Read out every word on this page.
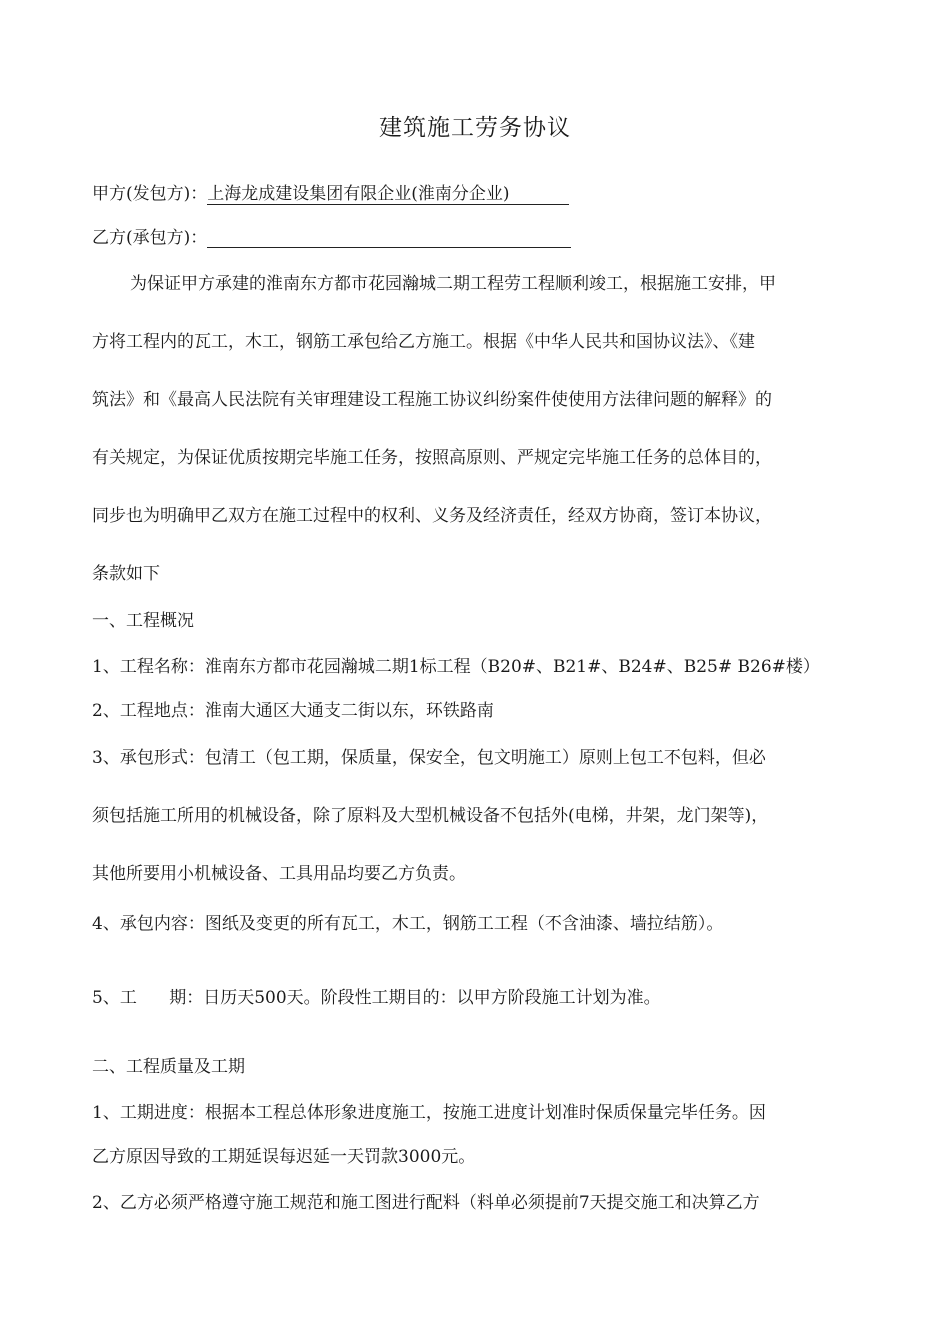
建筑施工劳务协议
甲方(发包方)：上海龙成建设集团有限企业(淮南分企业)
乙方(承包方)：
为保证甲方承建的淮南东方都市花园瀚城二期工程劳工程顺利竣工，根据施工安排，甲
方将工程内的瓦工，木工，钢筋工承包给乙方施工。根据《中华人民共和国协议法》、《建
筑法》和《最高人民法院有关审理建设工程施工协议纠纷案件使使用方法律问题的解释》的
有关规定，为保证优质按期完毕施工任务，按照高原则、严规定完毕施工任务的总体目的，
同步也为明确甲乙双方在施工过程中的权利、义务及经济责任，经双方协商，签订本协议，
条款如下
一、工程概况
1、工程名称：淮南东方都市花园瀚城二期1标工程（B20#、B21#、B24#、B25# B26#楼）
2、工程地点：淮南大通区大通支二街以东，环铁路南
3、承包形式：包清工（包工期，保质量，保安全，包文明施工）原则上包工不包料，但必
须包括施工所用的机械设备，除了原料及大型机械设备不包括外(电梯，井架，龙门架等)，
其他所要用小机械设备、工具用品均要乙方负责。
4、承包内容：图纸及变更的所有瓦工，木工，钢筋工工程（不含油漆、墙拉结筋）。
5、工      期：日历天500天。阶段性工期目的：以甲方阶段施工计划为准。
二、工程质量及工期
1、工期进度：根据本工程总体形象进度施工，按施工进度计划准时保质保量完毕任务。因
乙方原因导致的工期延误每迟延一天罚款3000元。
2、乙方必须严格遵守施工规范和施工图进行配料（料单必须提前7天提交施工和决算乙方
